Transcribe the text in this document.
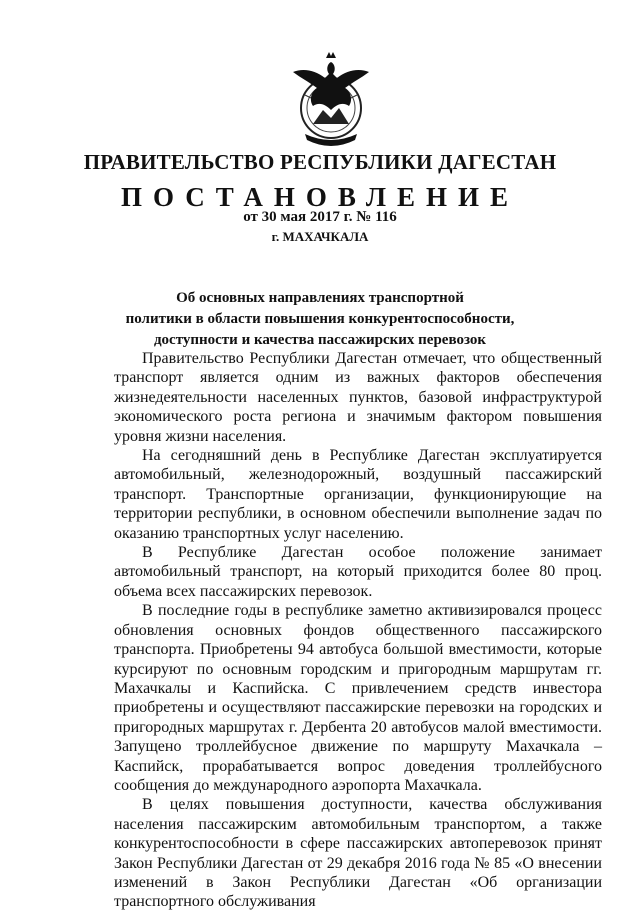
ПРАВИТЕЛЬСТВО РЕСПУБЛИКИ ДАГЕСТАН
ПОСТАНОВЛЕНИЕ
от 30 мая 2017 г. № 116
г. МАХАЧКАЛА
Об основных направлениях транспортной
политики в области повышения конкурентоспособности,
доступности и качества пассажирских перевозок

Правительство Республики Дагестан отмечает, что общественный транспорт является одним из важных факторов обеспечения жизнедеятельности населенных пунктов, базовой инфраструктурой экономического роста региона и значимым фактором повышения уровня жизни населения.

На сегодняшний день в Республике Дагестан эксплуатируется автомобильный, железнодорожный, воздушный пассажирский транспорт. Транспортные организации, функционирующие на территории республики, в основном обеспечили выполнение задач по оказанию транспортных услуг населению.

В Республике Дагестан особое положение занимает автомобильный транспорт, на который приходится более 80 проц. объема всех пассажирских перевозок.

В последние годы в республике заметно активизировался процесс обновления основных фондов общественного пассажирского транспорта. Приобретены 94 автобуса большой вместимости, которые курсируют по основным городским и пригородным маршрутам гг. Махачкалы и Каспийска. С привлечением средств инвестора приобретены и осуществляют пассажирские перевозки на городских и пригородных маршрутах г. Дербента 20 автобусов малой вместимости. Запущено троллейбусное движение по маршруту Махачкала – Каспийск, прорабатывается вопрос доведения троллейбусного сообщения до международного аэропорта Махачкала.

В целях повышения доступности, качества обслуживания населения пассажирским автомобильным транспортом, а также конкурентоспособности в сфере пассажирских автоперевозок принят Закон Республики Дагестан от 29 декабря 2016 года № 85 «О внесении изменений в Закон Республики Дагестан «Об организации транспортного обслуживания
